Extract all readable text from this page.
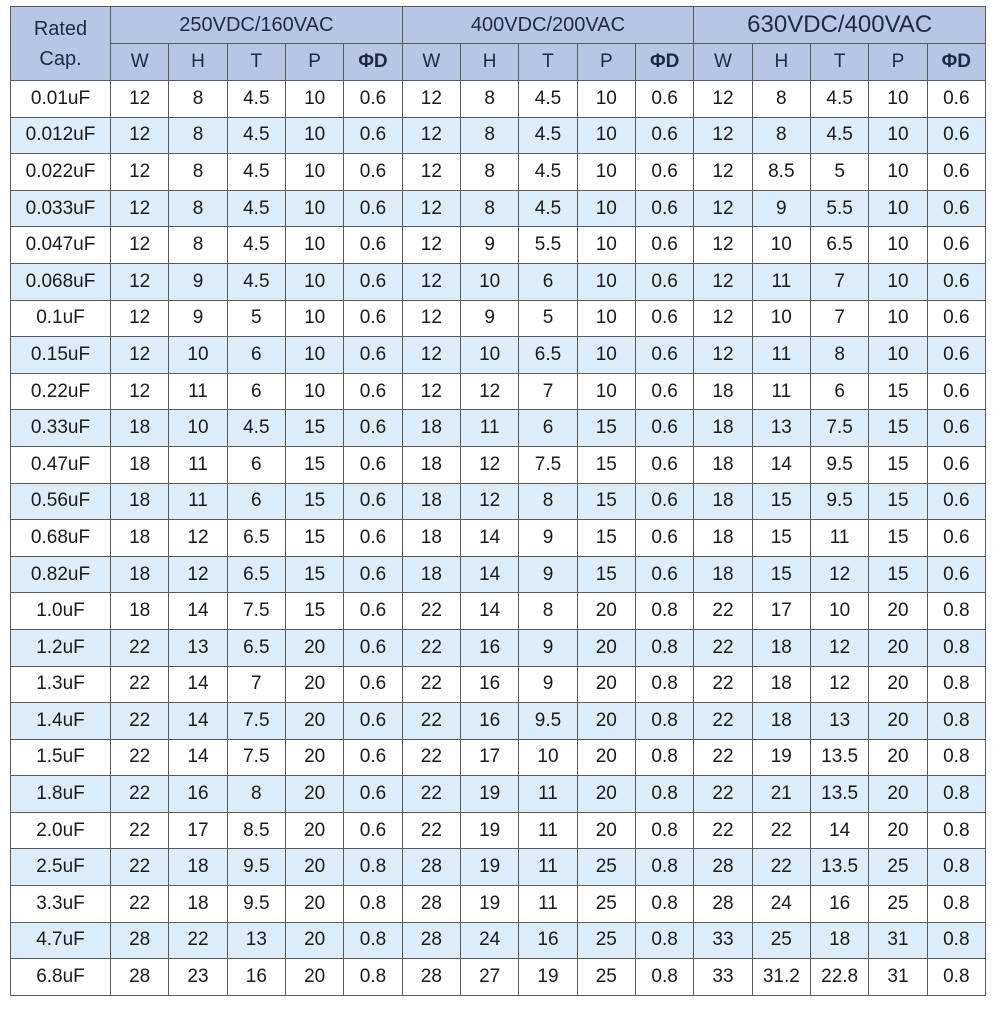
Rated
Cap.	250VDC/160VAC					400VDC/200VAC					630VDC/400VAC				
	W	H	T	P	ΦD	W	H	T	P	ΦD	W	H	T	P	ΦD
0.01uF	12	8	4.5	10	0.6	12	8	4.5	10	0.6	12	8	4.5	10	0.6
0.012uF	12	8	4.5	10	0.6	12	8	4.5	10	0.6	12	8	4.5	10	0.6
0.022uF	12	8	4.5	10	0.6	12	8	4.5	10	0.6	12	8.5	5	10	0.6
0.033uF	12	8	4.5	10	0.6	12	8	4.5	10	0.6	12	9	5.5	10	0.6
0.047uF	12	8	4.5	10	0.6	12	9	5.5	10	0.6	12	10	6.5	10	0.6
0.068uF	12	9	4.5	10	0.6	12	10	6	10	0.6	12	11	7	10	0.6
0.1uF	12	9	5	10	0.6	12	9	5	10	0.6	12	10	7	10	0.6
0.15uF	12	10	6	10	0.6	12	10	6.5	10	0.6	12	11	8	10	0.6
0.22uF	12	11	6	10	0.6	12	12	7	10	0.6	18	11	6	15	0.6
0.33uF	18	10	4.5	15	0.6	18	11	6	15	0.6	18	13	7.5	15	0.6
0.47uF	18	11	6	15	0.6	18	12	7.5	15	0.6	18	14	9.5	15	0.6
0.56uF	18	11	6	15	0.6	18	12	8	15	0.6	18	15	9.5	15	0.6
0.68uF	18	12	6.5	15	0.6	18	14	9	15	0.6	18	15	11	15	0.6
0.82uF	18	12	6.5	15	0.6	18	14	9	15	0.6	18	15	12	15	0.6
1.0uF	18	14	7.5	15	0.6	22	14	8	20	0.8	22	17	10	20	0.8
1.2uF	22	13	6.5	20	0.6	22	16	9	20	0.8	22	18	12	20	0.8
1.3uF	22	14	7	20	0.6	22	16	9	20	0.8	22	18	12	20	0.8
1.4uF	22	14	7.5	20	0.6	22	16	9.5	20	0.8	22	18	13	20	0.8
1.5uF	22	14	7.5	20	0.6	22	17	10	20	0.8	22	19	13.5	20	0.8
1.8uF	22	16	8	20	0.6	22	19	11	20	0.8	22	21	13.5	20	0.8
2.0uF	22	17	8.5	20	0.6	22	19	11	20	0.8	22	22	14	20	0.8
2.5uF	22	18	9.5	20	0.8	28	19	11	25	0.8	28	22	13.5	25	0.8
3.3uF	22	18	9.5	20	0.8	28	19	11	25	0.8	28	24	16	25	0.8
4.7uF	28	22	13	20	0.8	28	24	16	25	0.8	33	25	18	31	0.8
6.8uF	28	23	16	20	0.8	28	27	19	25	0.8	33	31.2	22.8	31	0.8
